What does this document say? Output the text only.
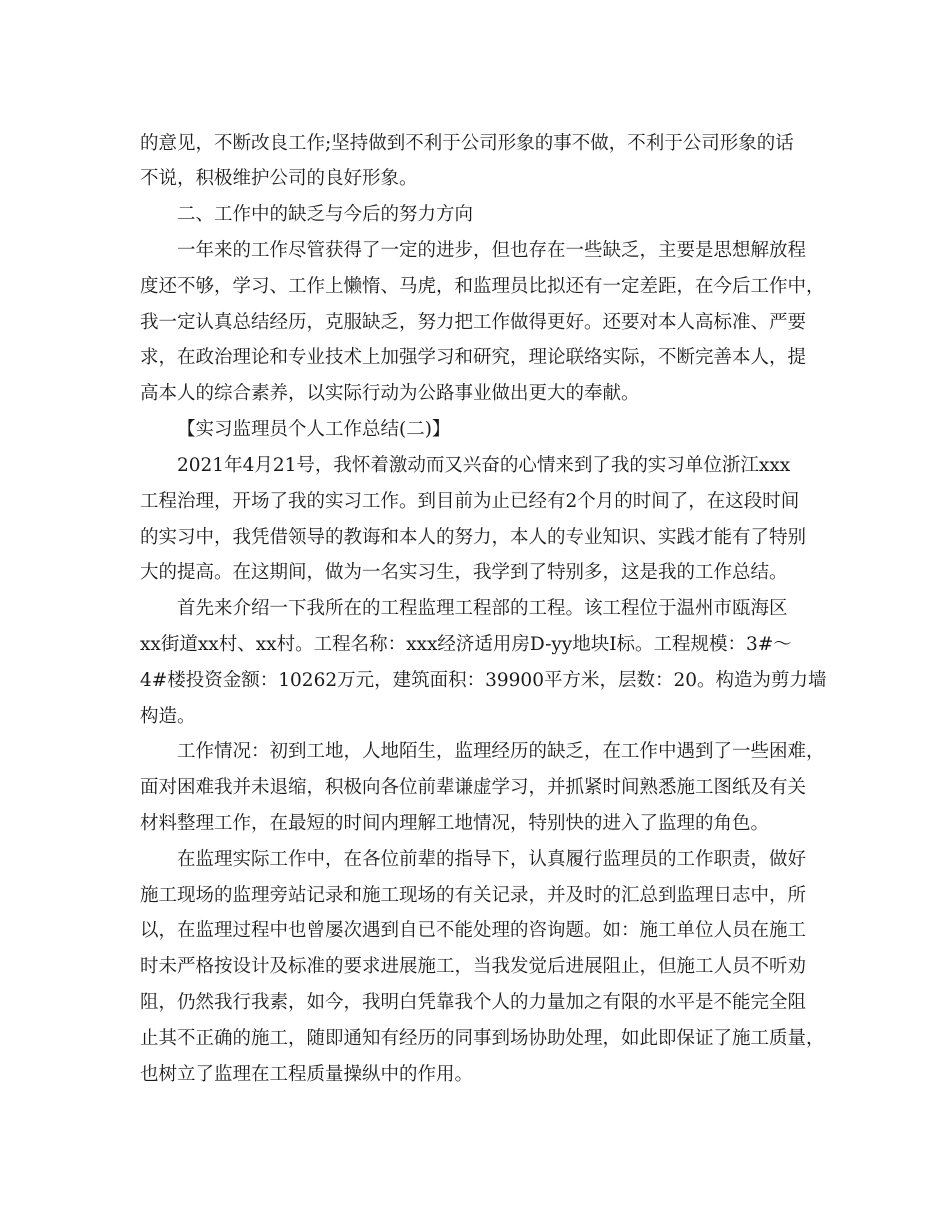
的意见，不断改良工作;坚持做到不利于公司形象的事不做，不利于公司形象的话
不说，积极维护公司的良好形象。
二、工作中的缺乏与今后的努力方向
一年来的工作尽管获得了一定的进步，但也存在一些缺乏，主要是思想解放程
度还不够，学习、工作上懒惰、马虎，和监理员比拟还有一定差距，在今后工作中，
我一定认真总结经历，克服缺乏，努力把工作做得更好。还要对本人高标准、严要
求，在政治理论和专业技术上加强学习和研究，理论联络实际，不断完善本人，提
高本人的综合素养，以实际行动为公路事业做出更大的奉献。
【实习监理员个人工作总结(二)】
2021年4月21号，我怀着激动而又兴奋的心情来到了我的实习单位浙江xxx
工程治理，开场了我的实习工作。到目前为止已经有2个月的时间了，在这段时间
的实习中，我凭借领导的教诲和本人的努力，本人的专业知识、实践才能有了特别
大的提高。在这期间，做为一名实习生，我学到了特别多，这是我的工作总结。
首先来介绍一下我所在的工程监理工程部的工程。该工程位于温州市瓯海区
xx街道xx村、xx村。工程名称：xxx经济适用房D-yy地块I标。工程规模：3#～
4#楼投资金额：10262万元，建筑面积：39900平方米，层数：20。构造为剪力墙
构造。
工作情况：初到工地，人地陌生，监理经历的缺乏，在工作中遇到了一些困难，
面对困难我并未退缩，积极向各位前辈谦虚学习，并抓紧时间熟悉施工图纸及有关
材料整理工作，在最短的时间内理解工地情况，特别快的进入了监理的角色。
在监理实际工作中，在各位前辈的指导下，认真履行监理员的工作职责，做好
施工现场的监理旁站记录和施工现场的有关记录，并及时的汇总到监理日志中，所
以，在监理过程中也曾屡次遇到自已不能处理的咨询题。如：施工单位人员在施工
时未严格按设计及标准的要求进展施工，当我发觉后进展阻止，但施工人员不听劝
阻，仍然我行我素，如今，我明白凭靠我个人的力量加之有限的水平是不能完全阻
止其不正确的施工，随即通知有经历的同事到场协助处理，如此即保证了施工质量，
也树立了监理在工程质量操纵中的作用。
